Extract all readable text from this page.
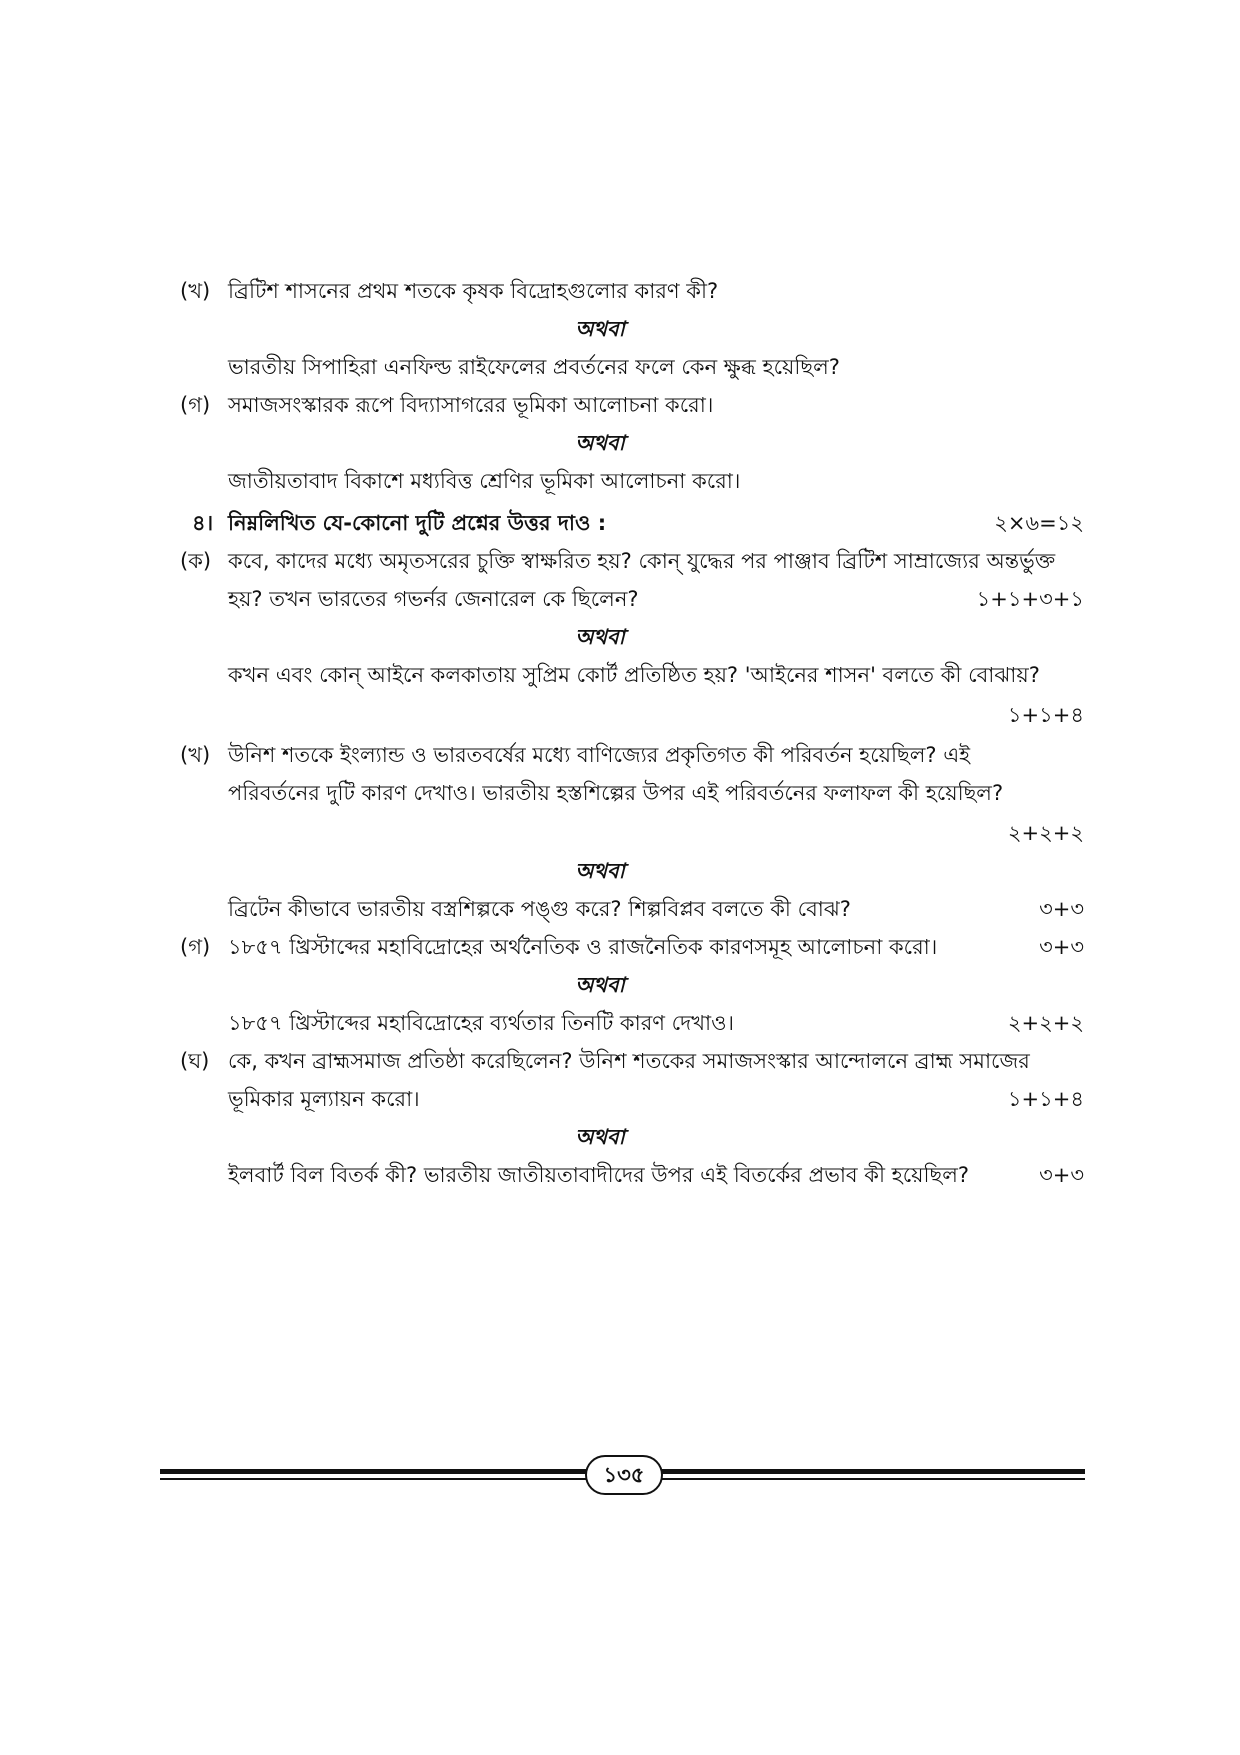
(খ) ব্রিটিশ শাসনের প্রথম শতকে কৃষক বিদ্রোহগুলোর কারণ কী?
অথবা
ভারতীয় সিপাহিরা এনফিল্ড রাইফেলের প্রবর্তনের ফলে কেন ক্ষুব্ধ হয়েছিল?
(গ) সমাজসংস্কারক রূপে বিদ্যাসাগরের ভূমিকা আলোচনা করো।
অথবা
জাতীয়তাবাদ বিকাশে মধ্যবিত্ত শ্রেণির ভূমিকা আলোচনা করো।
৪। নিম্নলিখিত যে-কোনো দুটি প্রশ্নের উত্তর দাও :	২×৬=১২
(ক) কবে, কাদের মধ্যে অমৃতসরের চুক্তি স্বাক্ষরিত হয়? কোন্ যুদ্ধের পর পাঞ্জাব ব্রিটিশ সাম্রাজ্যের অন্তর্ভুক্ত
হয়? তখন ভারতের গভর্নর জেনারেল কে ছিলেন?	১+১+৩+১
অথবা
কখন এবং কোন্ আইনে কলকাতায় সুপ্রিম কোর্ট প্রতিষ্ঠিত হয়? 'আইনের শাসন' বলতে কী বোঝায়?
১+১+৪
(খ) উনিশ শতকে ইংল্যান্ড ও ভারতবর্ষের মধ্যে বাণিজ্যের প্রকৃতিগত কী পরিবর্তন হয়েছিল? এই
পরিবর্তনের দুটি কারণ দেখাও। ভারতীয় হস্তশিল্পের উপর এই পরিবর্তনের ফলাফল কী হয়েছিল?
২+২+২
অথবা
ব্রিটেন কীভাবে ভারতীয় বস্ত্রশিল্পকে পঙ্গু করে? শিল্পবিপ্লব বলতে কী বোঝ?	৩+৩
(গ) ১৮৫৭ খ্রিস্টাব্দের মহাবিদ্রোহের অর্থনৈতিক ও রাজনৈতিক কারণসমূহ আলোচনা করো।	৩+৩
অথবা
১৮৫৭ খ্রিস্টাব্দের মহাবিদ্রোহের ব্যর্থতার তিনটি কারণ দেখাও।	২+২+২
(ঘ) কে, কখন ব্রাহ্মসমাজ প্রতিষ্ঠা করেছিলেন? উনিশ শতকের সমাজসংস্কার আন্দোলনে ব্রাহ্ম সমাজের
ভূমিকার মূল্যায়ন করো।	১+১+৪
অথবা
ইলবার্ট বিল বিতর্ক কী? ভারতীয় জাতীয়তাবাদীদের উপর এই বিতর্কের প্রভাব কী হয়েছিল?	৩+৩
১৩৫
